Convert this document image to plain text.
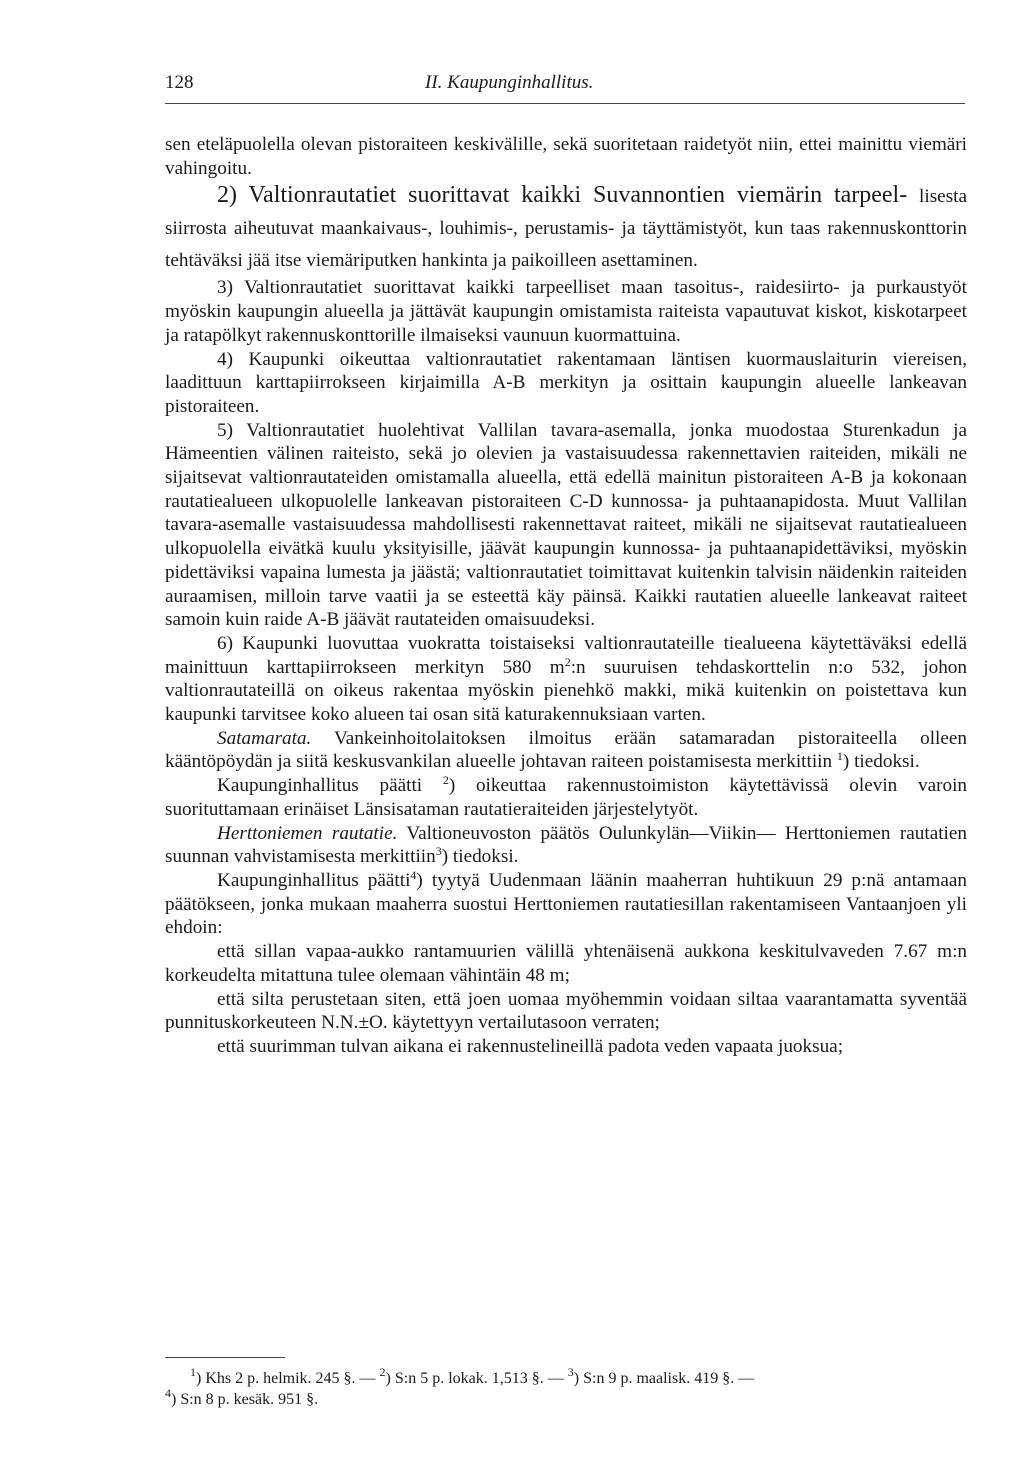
128	II. Kaupunginhallitus.

sen eteläpuolella olevan pistoraiteen keskivälille, sekä suoritetaan raidetyöt niin, ettei mainittu viemäri vahingoitu.

2) Valtionrautatiet suorittavat kaikki Suvannontien viemärin tarpeel- lisesta siirrosta aiheutuvat maankaivaus-, louhimis-, perustamis- ja täyttämistyöt, kun taas rakennuskonttorin tehtäväksi jää itse viemäriputken hankinta ja paikoilleen asettaminen.

3) Valtionrautatiet suorittavat kaikki tarpeelliset maan tasoitus-, raidesiirto- ja purkaustyöt myöskin kaupungin alueella ja jättävät kaupungin omistamista raiteista vapautuvat kiskot, kiskotarpeet ja ratapölkyt rakennuskonttorille ilmaiseksi vaunuun kuormattuina.

4) Kaupunki oikeuttaa valtionrautatiet rakentamaan läntisen kuormauslaiturin viereisen, laadittuun karttapiirrokseen kirjaimilla A-B merkityn ja osittain kaupungin alueelle lankeavan pistoraiteen.

5) Valtionrautatiet huolehtivat Vallilan tavara-asemalla, jonka muodostaa Sturenkadun ja Hämeentien välinen raiteisto, sekä jo olevien ja vastaisuudessa rakennettavien raiteiden, mikäli ne sijaitsevat valtionrautateiden omistamalla alueella, että edellä mainitun pistoraiteen A-B ja kokonaan rautatiealueen ulkopuolelle lankeavan pistoraiteen C-D kunnossa- ja puhtaanapidosta. Muut Vallilan tavara-asemalle vastaisuudessa mahdollisesti rakennettavat raiteet, mikäli ne sijaitsevat rautatiealueen ulkopuolella eivätkä kuulu yksityisille, jäävät kaupungin kunnossa- ja puhtaanapidettäviksi, myöskin pidettäviksi vapaina lumesta ja jäästä; valtionrautatiet toimittavat kuitenkin talvisin näidenkin raiteiden auraamisen, milloin tarve vaatii ja se esteettä käy päinsä. Kaikki rautatien alueelle lankeavat raiteet samoin kuin raide A-B jäävät rautateiden omaisuudeksi.

6) Kaupunki luovuttaa vuokratta toistaiseksi valtionrautateille tiealueena käytettäväksi edellä mainittuun karttapiirrokseen merkityn 580 $m^2:n$ suuruisen tehdaskorttelin n:o 532, johon valtionrautateillä on oikeus rakentaa myöskin pienehkö makki, mikä kuitenkin on poistettava kun kaupunki tarvitsee koko alueen tai osan sitä katurakennuksiaan varten.

Satamarata. Vankeinhoitolaitoksen ilmoitus erään satamaradan pistoraiteella olleen kääntöpöydän ja siitä keskusvankilan alueelle johtavan raiteen poistamisesta merkittiin $^1$) tiedoksi.

Kaupunginhallitus päätti $^2$) oikeuttaa rakennustoimiston käytettävissä olevin varoin suorituttamaan erinäiset Länsisataman rautatieraiteiden järjestelytyöt.

Herttoniemen rautatie. Valtioneuvoston päätös Oulunkylän—Viikin— Herttoniemen rautatien suunnan vahvistamisesta merkittiin$^3$) tiedoksi.

Kaupunginhallitus päätti$^4$) tyytyä Uudenmaan läänin maaherran huhtikuun 29 p:nä antamaan päätökseen, jonka mukaan maaherra suostui Herttoniemen rautatiesillan rakentamiseen Vantaanjoen yli ehdoin:

että sillan vapaa-aukko rantamuurien välillä yhtenäisenä aukkona keskitulvaveden 7.67 m:n korkeudelta mitattuna tulee olemaan vähintäin 48 m;

että silta perustetaan siten, että joen uomaa myöhemmin voidaan siltaa vaarantamatta syventää punnituskorkeuteen N.N.±O. käytettyyn vertailutasoon verraten;

että suurimman tulvan aikana ei rakennustelineillä padota veden vapaata juoksua;

$^1$) Khs 2 p. helmik. 245 §. — $^2$) S:n 5 p. lokak. 1,513 §. — $^3$) S:n 9 p. maalisk. 419 §. —

$^4$) S:n 8 p. kesäk. 951 §.
